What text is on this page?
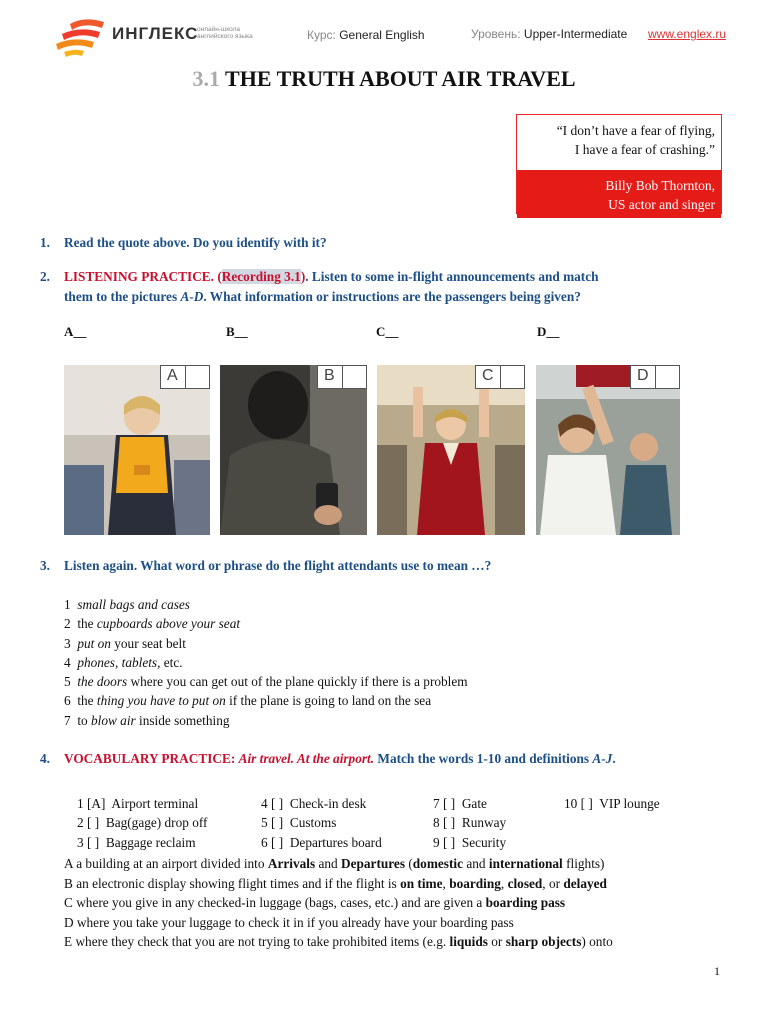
ИНГЛЕКС
онлайн-школа английского языка	Курс: General English	Уровень: Upper-Intermediate www.englex.ru
3.1 THE TRUTH ABOUT AIR TRAVEL
“I don’t have a fear of flying,
I have a fear of crashing.”
Billy Bob Thornton,
US actor and singer
1. Read the quote above. Do you identify with it?
2. LISTENING PRACTICE. (Recording 3.1). Listen to some in-flight announcements and match
them to the pictures A-D. What information or instructions are the passengers being given?
A__	B__	C__	D__
A	B	C	D
3. Listen again. What word or phrase do the flight attendants use to mean …?
1 small bags and cases
2 the cupboards above your seat
3 put on your seat belt
4 phones, tablets, etc.
5 the doors where you can get out of the plane quickly if there is a problem
6 the thing you have to put on if the plane is going to land on the sea
7 to blow air inside something
4. VOCABULARY PRACTICE: Air travel. At the airport. Match the words 1-10 and definitions A-J.
1 [A] Airport terminal
2 [ ] Bag(gage) drop off
3 [ ] Baggage reclaim
4 [ ] Check-in desk
5 [ ] Customs
6 [ ] Departures board
7 [ ] Gate
8 [ ] Runway
9 [ ] Security
10 [ ] VIP lounge
A a building at an airport divided into Arrivals and Departures (domestic and international flights)
B an electronic display showing flight times and if the flight is on time, boarding, closed, or delayed
C where you give in any checked-in luggage (bags, cases, etc.) and are given a boarding pass
D where you take your luggage to check it in if you already have your boarding pass
E where they check that you are not trying to take prohibited items (e.g. liquids or sharp objects) onto
1
